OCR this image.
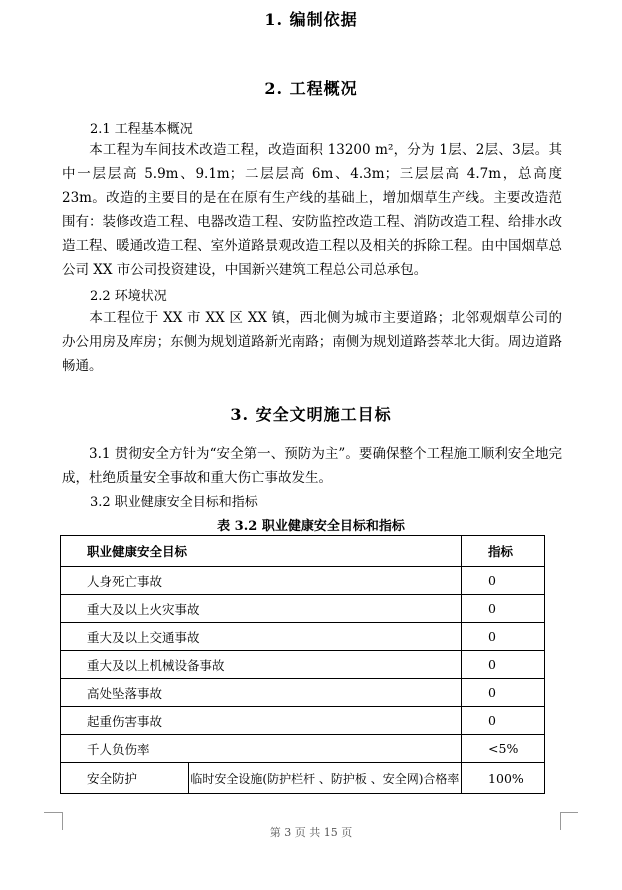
1. 编制依据
2. 工程概况
2.1 工程基本概况
本工程为车间技术改造工程，改造面积 13200 m²，分为 1层、2层、3层。其中一层层高 5.9m、9.1m；二层层高 6m、4.3m；三层层高 4.7m，总高度 23m。改造的主要目的是在在原有生产线的基础上，增加烟草生产线。主要改造范围有：装修改造工程、电器改造工程、安防监控改造工程、消防改造工程、给排水改造工程、暖通改造工程、室外道路景观改造工程以及相关的拆除工程。由中国烟草总公司 XX 市公司投资建设，中国新兴建筑工程总公司总承包。
2.2 环境状况
本工程位于 XX 市 XX 区 XX 镇，西北侧为城市主要道路；北邻观烟草公司的办公用房及库房；东侧为规划道路新光南路；南侧为规划道路荟萃北大街。周边道路畅通。
3. 安全文明施工目标
3.1 贯彻安全方针为“安全第一、预防为主”。要确保整个工程施工顺利安全地完成，杜绝质量安全事故和重大伤亡事故发生。
3.2 职业健康安全目标和指标
表 3.2 职业健康安全目标和指标
职业健康安全目标		指标
人身死亡事故		0
重大及以上火灾事故		0
重大及以上交通事故		0
重大及以上机械设备事故		0
高处坠落事故		0
起重伤害事故		0
千人负伤率		<5%
安全防护	临时安全设施(防护栏杆 、防护板 、安全网)合格率	100%
第 3 页 共 15 页
